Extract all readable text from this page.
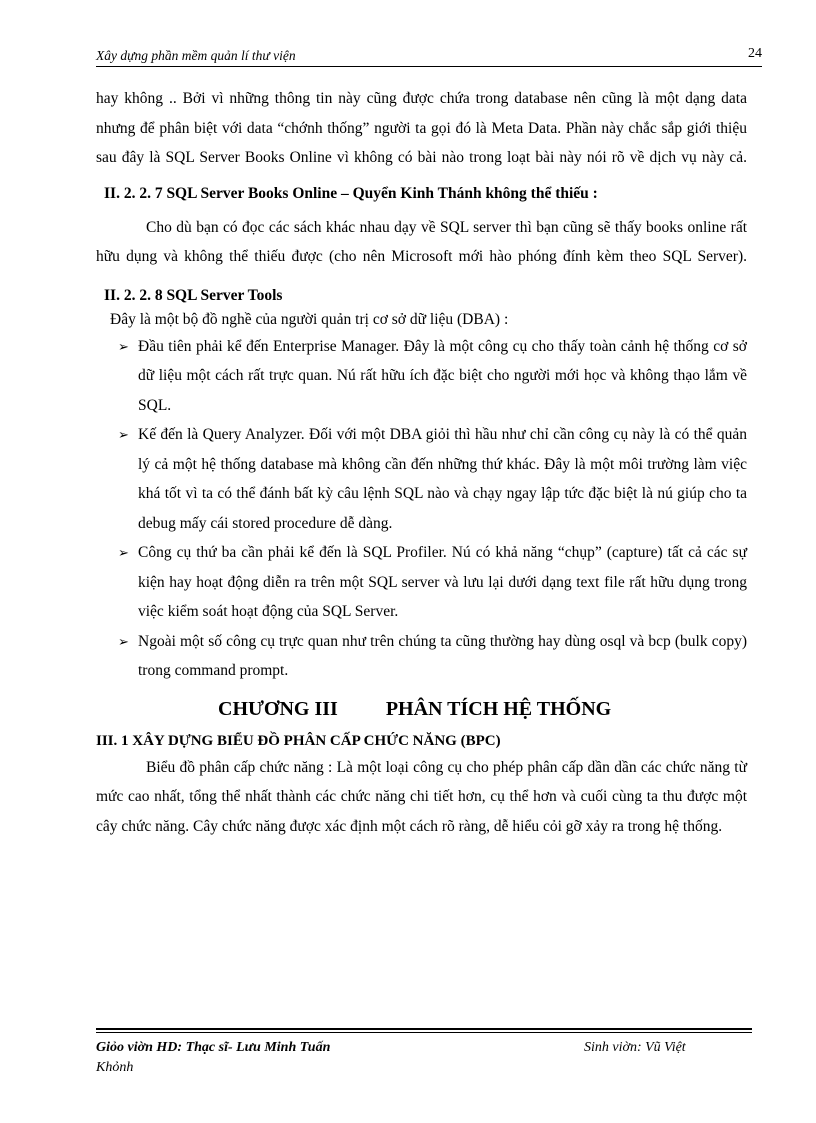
Xây dựng phần mềm quản lí thư viện	24

hay không .. Bởi vì những thông tin này cũng được chứa trong database nên cũng là một dạng data nhưng để phân biệt với data “chớnh thống” người ta gọi đó là Meta Data. Phần này chắc sắp giới thiệu sau đây là SQL Server Books Online vì không có bài nào trong loạt bài này nói rõ về dịch vụ này cả.

II. 2. 2. 7 SQL Server Books Online – Quyển Kinh Thánh không thể thiếu :

Cho dù bạn có đọc các sách khác nhau dạy về SQL server thì bạn cũng sẽ thấy books online rất hữu dụng và không thể thiếu được (cho nên Microsoft mới hào phóng đính kèm theo SQL Server).

II. 2. 2. 8 SQL Server Tools

Đây là một bộ đồ nghề của người quản trị cơ sở dữ liệu (DBA) :

➢ Đầu tiên phải kể đến Enterprise Manager. Đây là một công cụ cho thấy toàn cảnh hệ thống cơ sở dữ liệu một cách rất trực quan. Nú rất hữu ích đặc biệt cho người mới học và không thạo lắm về SQL.
➢ Kế đến là Query Analyzer. Đối với một DBA giỏi thì hầu như chỉ cần công cụ này là có thể quản lý cả một hệ thống database mà không cần đến những thứ khác. Đây là một môi trường làm việc khá tốt vì ta có thể đánh bất kỳ câu lệnh SQL nào và chạy ngay lập tức đặc biệt là nú giúp cho ta debug mấy cái stored procedure dễ dàng.
➢ Công cụ thứ ba cần phải kể đến là SQL Profiler. Nú có khả năng “chụp” (capture) tất cả các sự kiện hay hoạt động diễn ra trên một SQL server và lưu lại dưới dạng text file rất hữu dụng trong việc kiểm soát hoạt động của SQL Server.
➢ Ngoài một số công cụ trực quan như trên chúng ta cũng thường hay dùng osql và bcp (bulk copy) trong command prompt.
CHƯƠNG III PHÂN TÍCH HỆ THỐNG

III. 1 XÂY DỰNG BIỂU ĐỒ PHÂN CẤP CHỨC NĂNG (BPC)

Biểu đồ phân cấp chức năng : Là một loại công cụ cho phép phân cấp dần dần các chức năng từ mức cao nhất, tổng thể nhất thành các chức năng chi tiết hơn, cụ thể hơn và cuối cùng ta thu được một cây chức năng. Cây chức năng được xác định một cách rõ ràng, dễ hiểu cỏi gỡ xảy ra trong hệ thống.

Giỏo viờn HD: Thạc sĩ- Lưu Minh Tuấn	Sinh viờn: Vũ Việt
Khỏnh
